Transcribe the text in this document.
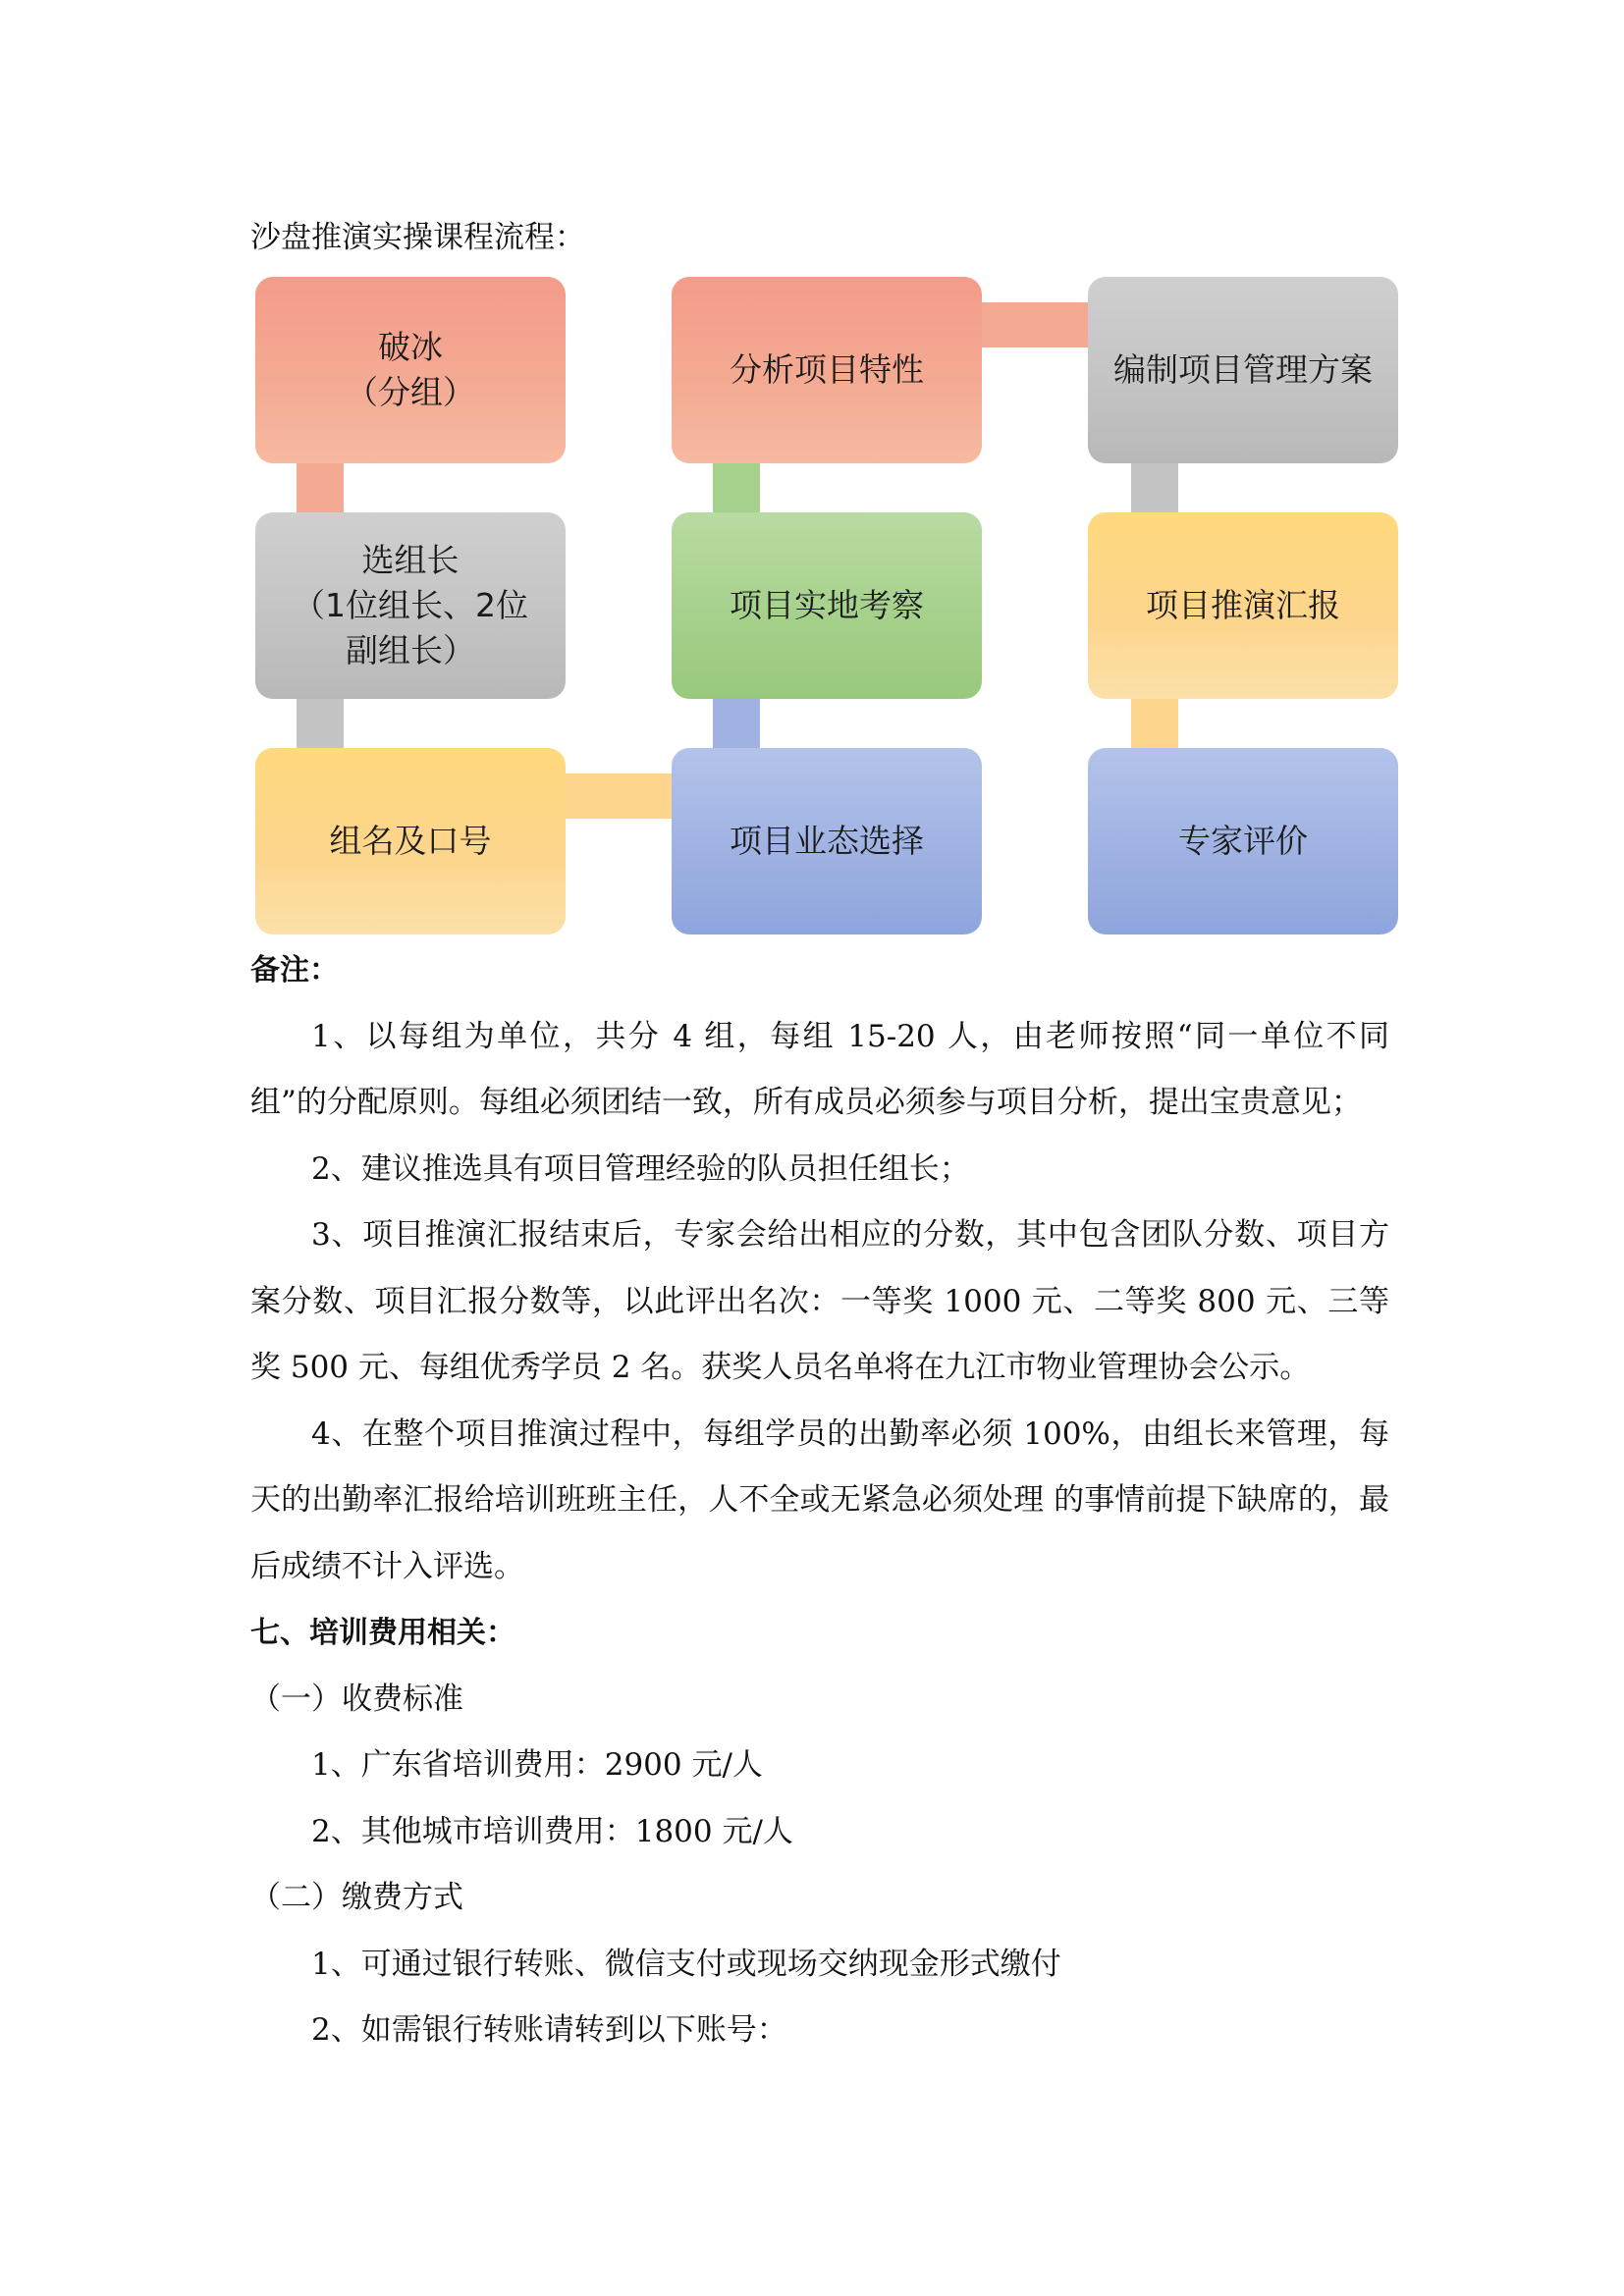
沙盘推演实操课程流程：
破冰
（分组）
选组长
（1位组长、2位副组长）
组名及口号	项目业态选择
项目实地考察
分析项目特性	编制项目管理方案
项目推演汇报
专家评价

备注：

1、以每组为单位，共分 4 组，每组 15-20 人，由老师按照“同一单位不同组”的分配原则。每组必须团结一致，所有成员必须参与项目分析，提出宝贵意见；

2、建议推选具有项目管理经验的队员担任组长；

3、项目推演汇报结束后，专家会给出相应的分数，其中包含团队分数、项目方案分数、项目汇报分数等，以此评出名次：一等奖 1000 元、二等奖 800 元、三等奖 500 元、每组优秀学员 2 名。获奖人员名单将在九江市物业管理协会公示。

4、在整个项目推演过程中，每组学员的出勤率必须 100%，由组长来管理，每天的出勤率汇报给培训班班主任，人不全或无紧急必须处理 的事情前提下缺席的，最后成绩不计入评选。

七、培训费用相关：

（一）收费标准

1、广东省培训费用：2900 元/人

2、其他城市培训费用：1800 元/人

（二）缴费方式

1、可通过银行转账、微信支付或现场交纳现金形式缴付

2、如需银行转账请转到以下账号：
